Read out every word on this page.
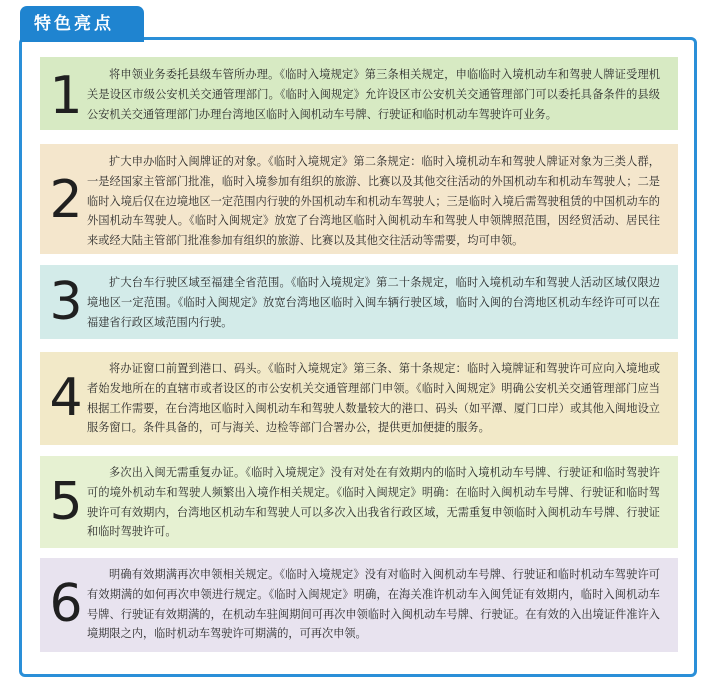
特色亮点
1	将申领业务委托县级车管所办理。《临时入境规定》第三条相关规定，申临临时入境机动车和驾驶人牌证受理机关是设区市级公安机关交通管理部门。《临时入闽规定》允许设区市公安机关交通管理部门可以委托具备条件的县级公安机关交通管理部门办理台湾地区临时入闽机动车号牌、行驶证和临时机动车驾驶许可业务。
2
扩大申办临时入闽牌证的对象。《临时入境规定》第二条规定：临时入境机动车和驾驶人牌证对象为三类人群，一是经国家主管部门批准，临时入境参加有组织的旅游、比赛以及其他交往活动的外国机动车和机动车驾驶人；二是临时入境后仅在边境地区一定范围内行驶的外国机动车和机动车驾驶人；三是临时入境后需驾驶租赁的中国机动车的外国机动车驾驶人。《临时入闽规定》放宽了台湾地区临时入闽机动车和驾驶人申领牌照范围，因经贸活动、居民往来或经大陆主管部门批准参加有组织的旅游、比赛以及其他交往活动等需要，均可申领。
3	扩大台车行驶区域至福建全省范围。《临时入境规定》第二十条规定，临时入境机动车和驾驶人活动区域仅限边境地区一定范围。《临时入闽规定》放宽台湾地区临时入闽车辆行驶区域，临时入闽的台湾地区机动车经许可可以在福建省行政区域范围内行驶。
4	将办证窗口前置到港口、码头。《临时入境规定》第三条、第十条规定：临时入境牌证和驾驶许可应向入境地或者始发地所在的直辖市或者设区的市公安机关交通管理部门申领。《临时入闽规定》明确公安机关交通管理部门应当根据工作需要，在台湾地区临时入闽机动车和驾驶人数量较大的港口、码头（如平潭、厦门口岸）或其他入闽地设立服务窗口。条件具备的，可与海关、边检等部门合署办公，提供更加便捷的服务。
5	多次出入闽无需重复办证。《临时入境规定》没有对处在有效期内的临时入境机动车号牌、行驶证和临时驾驶许可的境外机动车和驾驶人频繁出入境作相关规定。《临时入闽规定》明确：在临时入闽机动车号牌、行驶证和临时驾驶许可有效期内，台湾地区机动车和驾驶人可以多次入出我省行政区域，无需重复申领临时入闽机动车号牌、行驶证和临时驾驶许可。
6	明确有效期满再次申领相关规定。《临时入境规定》没有对临时入闽机动车号牌、行驶证和临时机动车驾驶许可有效期满的如何再次申领进行规定。《临时入闽规定》明确，在海关准许机动车入闽凭证有效期内，临时入闽机动车号牌、行驶证有效期满的，在机动车驻闽期间可再次申领临时入闽机动车号牌、行驶证。在有效的入出境证件准许入境期限之内，临时机动车驾驶许可期满的，可再次申领。
